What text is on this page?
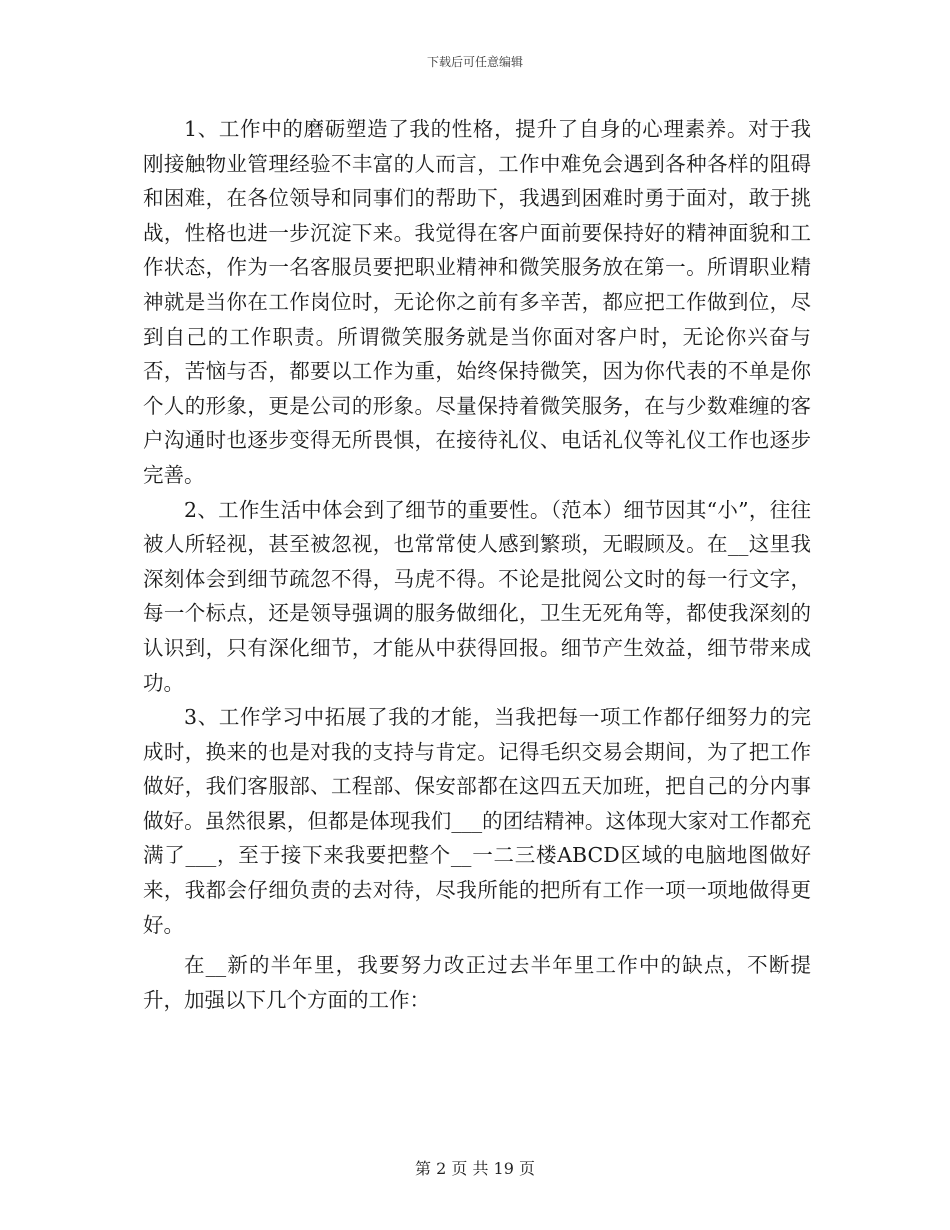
下载后可任意编辑

1、工作中的磨砺塑造了我的性格，提升了自身的心理素养。对于我刚接触物业管理经验不丰富的人而言，工作中难免会遇到各种各样的阻碍和困难，在各位领导和同事们的帮助下，我遇到困难时勇于面对，敢于挑战，性格也进一步沉淀下来。我觉得在客户面前要保持好的精神面貌和工作状态，作为一名客服员要把职业精神和微笑服务放在第一。所谓职业精神就是当你在工作岗位时，无论你之前有多辛苦，都应把工作做到位，尽到自己的工作职责。所谓微笑服务就是当你面对客户时，无论你兴奋与否，苦恼与否，都要以工作为重，始终保持微笑，因为你代表的不单是你个人的形象，更是公司的形象。尽量保持着微笑服务，在与少数难缠的客户沟通时也逐步变得无所畏惧，在接待礼仪、电话礼仪等礼仪工作也逐步完善。

2、工作生活中体会到了细节的重要性。（范本）细节因其“小”，往往被人所轻视，甚至被忽视，也常常使人感到繁琐，无暇顾及。在__这里我深刻体会到细节疏忽不得，马虎不得。不论是批阅公文时的每一行文字，每一个标点，还是领导强调的服务做细化，卫生无死角等，都使我深刻的认识到，只有深化细节，才能从中获得回报。细节产生效益，细节带来成功。

3、工作学习中拓展了我的才能，当我把每一项工作都仔细努力的完成时，换来的也是对我的支持与肯定。记得毛织交易会期间，为了把工作做好，我们客服部、工程部、保安部都在这四五天加班，把自己的分内事做好。虽然很累，但都是体现我们___的团结精神。这体现大家对工作都充满了___，至于接下来我要把整个__一二三楼ABCD区域的电脑地图做好来，我都会仔细负责的去对待，尽我所能的把所有工作一项一项地做得更好。

在__新的半年里，我要努力改正过去半年里工作中的缺点，不断提升，加强以下几个方面的工作：

第 2 页 共 19 页
